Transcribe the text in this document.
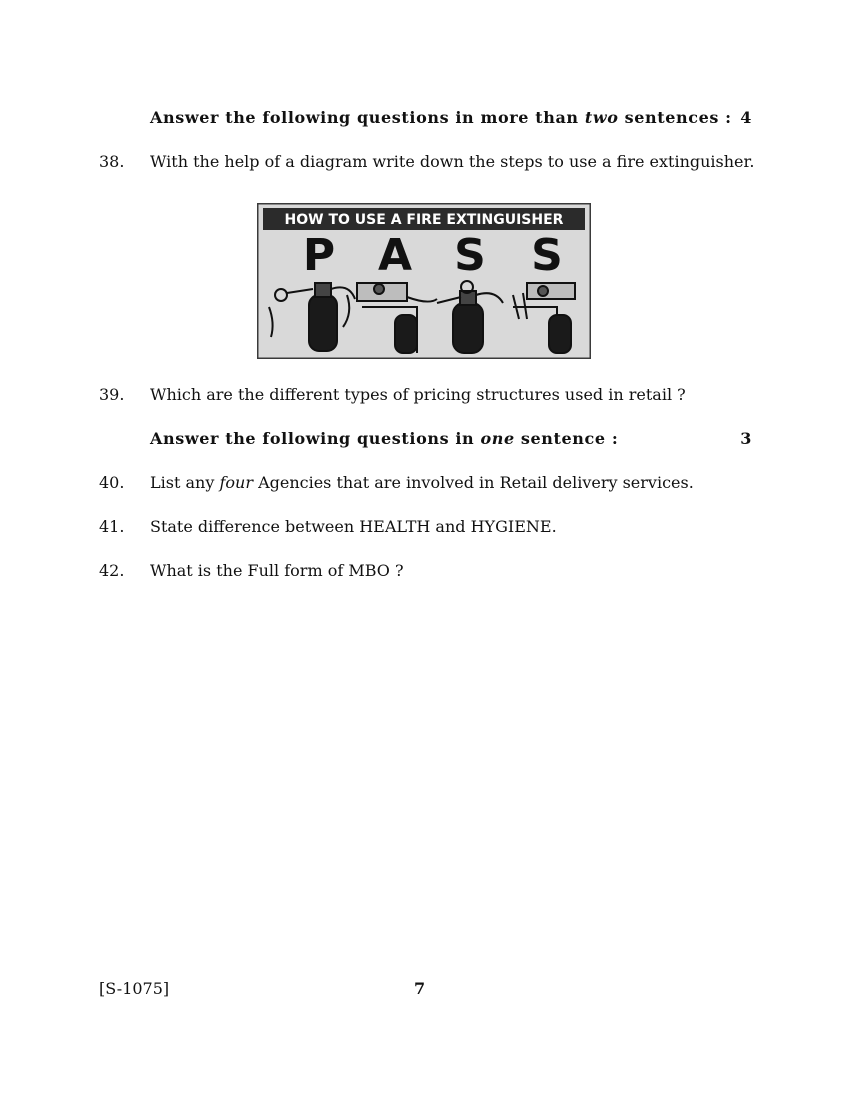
Answer the following questions in more than two sentences : 4
38. With the help of a diagram write down the steps to use a fire extinguisher.
HOW TO USE A FIRE EXTINGUISHER
P A S S
39. Which are the different types of pricing structures used in retail ?
Answer the following questions in one sentence :	3
40. List any four Agencies that are involved in Retail delivery services.
41. State difference between HEALTH and HYGIENE.
42. What is the Full form of MBO ?
[S-1075]	7
